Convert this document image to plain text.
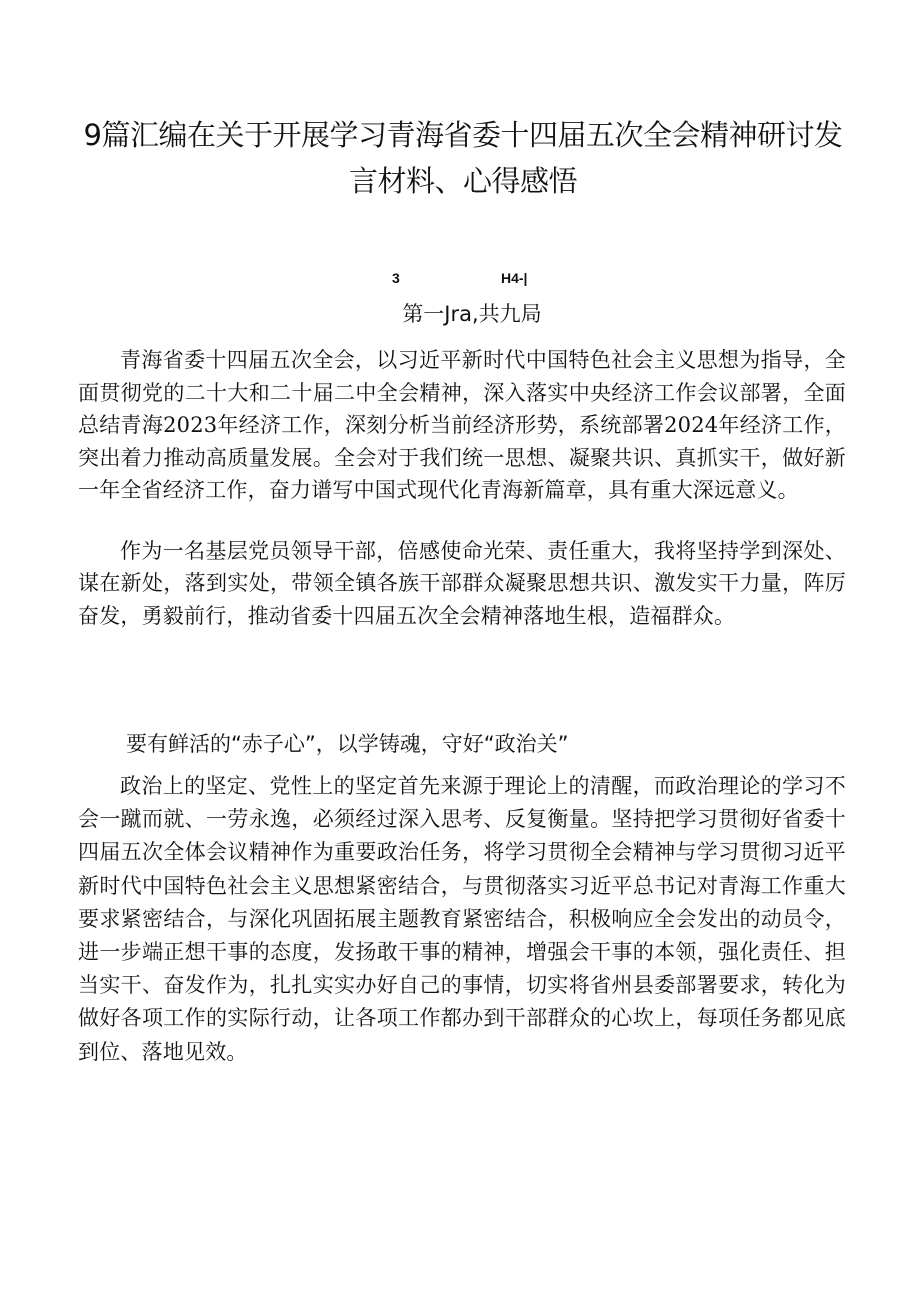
9篇汇编在关于开展学习青海省委十四届五次全会精神研讨发言材料、心得感悟
3	H4-|
第一Jra,共九局

青海省委十四届五次全会，以习近平新时代中国特色社会主义思想为指导，全面贯彻党的二十大和二十届二中全会精神，深入落实中央经济工作会议部署，全面总结青海2023年经济工作，深刻分析当前经济形势，系统部署2024年经济工作，突出着力推动高质量发展。全会对于我们统一思想、凝聚共识、真抓实干，做好新一年全省经济工作，奋力谱写中国式现代化青海新篇章，具有重大深远意义。

作为一名基层党员领导干部，倍感使命光荣、责任重大，我将坚持学到深处、谋在新处，落到实处，带领全镇各族干部群众凝聚思想共识、激发实干力量，阵厉奋发，勇毅前行，推动省委十四届五次全会精神落地生根，造福群众。

要有鲜活的“赤子心”，以学铸魂，守好“政治关”

政治上的坚定、党性上的坚定首先来源于理论上的清醒，而政治理论的学习不会一蹴而就、一劳永逸，必须经过深入思考、反复衡量。坚持把学习贯彻好省委十四届五次全体会议精神作为重要政治任务，将学习贯彻全会精神与学习贯彻习近平新时代中国特色社会主义思想紧密结合，与贯彻落实习近平总书记对青海工作重大要求紧密结合，与深化巩固拓展主题教育紧密结合，积极响应全会发出的动员令，进一步端正想干事的态度，发扬敢干事的精神，增强会干事的本领，强化责任、担当实干、奋发作为，扎扎实实办好自己的事情，切实将省州县委部署要求，转化为做好各项工作的实际行动，让各项工作都办到干部群众的心坎上，每项任务都见底到位、落地见效。
